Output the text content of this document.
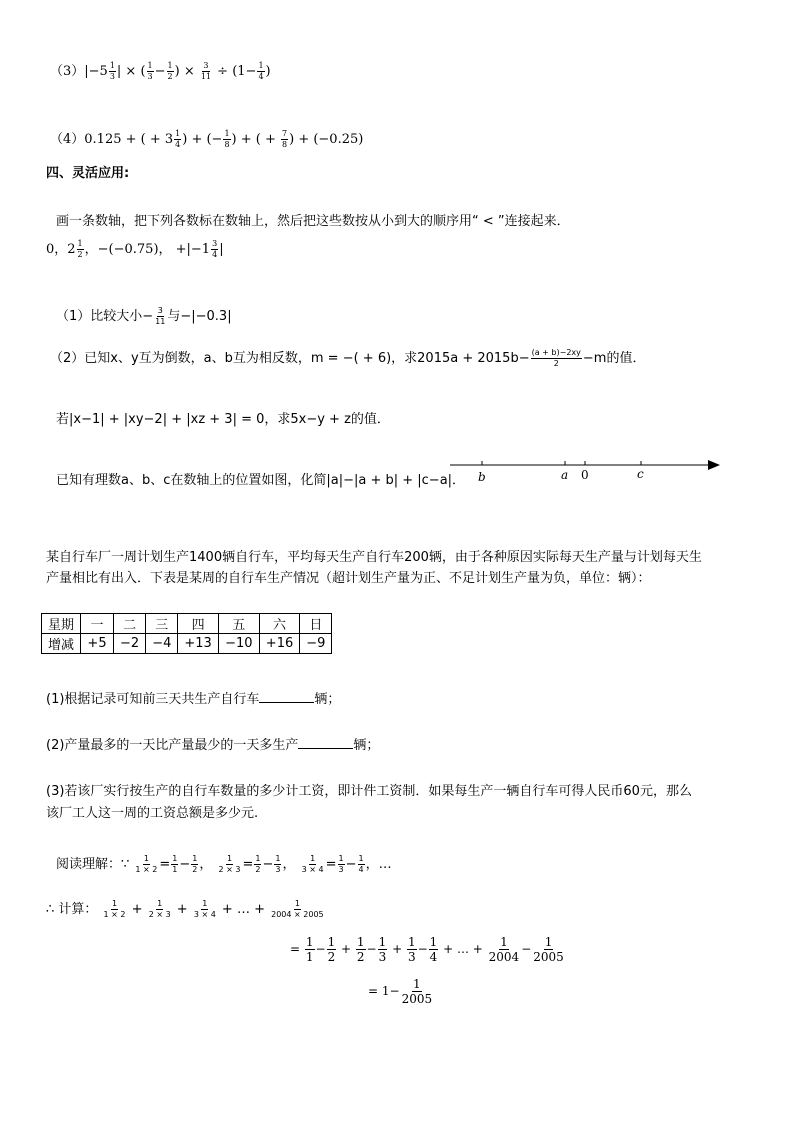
$(3)|-5 \frac{1}{3}$ | × ( $\frac{1}{3} - \frac{1}{2}$ ) × $\frac{3}{11} \div (1- \frac{1}{4}$ )
（4）0.125 + ( + $3 \frac{1}{4}$ ) + (− $\frac{1}{8}$ ) + ( + $\frac{7}{8}$ ) + (−0.25)
四、灵活应用:
画一条数轴，把下列各数标在数轴上，然后把这些数按从小到大的顺序用“ < ”连接起来．
0，$2 \frac{1}{2}$ ，−(−0.75)， $+|-1 \frac{3}{4}$ |
（1）比较大小− $\frac{3}{11}$ 与−|−0.3|
（2）已知x、y互为倒数，a、b互为相反数，m = −( + 6)，求$2015a + 2015b- \frac{(a + b)-2xy}{2} -m$的值．
若|x−1| + |xy−2| + |xz + 3| = 0，求5x−y + z的值．
已知有理数a、b、c在数轴上的位置如图，化简|a|−|a + b| + |c−a|． b	a 0	c
某自行车厂一周计划生产1400辆自行车，平均每天生产自行车200辆，由于各种原因实际每天生产量与计划每天生
产量相比有出入．下表是某周的自行车生产情况（超计划生产量为正、不足计划生产量为负，单位：辆）：
星期	一	二	三	四	五	六	日
增减	+5	−2	−4	+13	−10	+16	−9
(1)根据记录可知前三天共生产自行车	辆；
(2)产量最多的一天比产量最少的一天多生产	辆；
(3)若该厂实行按生产的自行车数量的多少计工资，即计件工资制．如果每生产一辆自行车可得人民币60元，那么
该厂工人这一周的工资总额是多少元.
阅读理解：∵ $\frac{1}{1 \times 2} = \frac{1}{1} - \frac{1}{2}$ ， $\frac{1}{2 \times 3} = \frac{1}{2} - \frac{1}{3}$ ， $\frac{1}{3 \times 4} = \frac{1}{3} - \frac{1}{4}$ ，…
∴ 计算： $\frac{1}{1 \times 2} + \frac{1}{2 \times 3} + \frac{1}{3 \times 4}$ + … + $\frac{1}{2004 \times 2005}$
= $\frac{1}{1} - \frac{1}{2} + \frac{1}{2} - \frac{1}{3} + \frac{1}{3} - \frac{1}{4}$ + … + $\frac{1}{2004} - \frac{1}{2005}$
= $1- \frac{1}{2005}$
